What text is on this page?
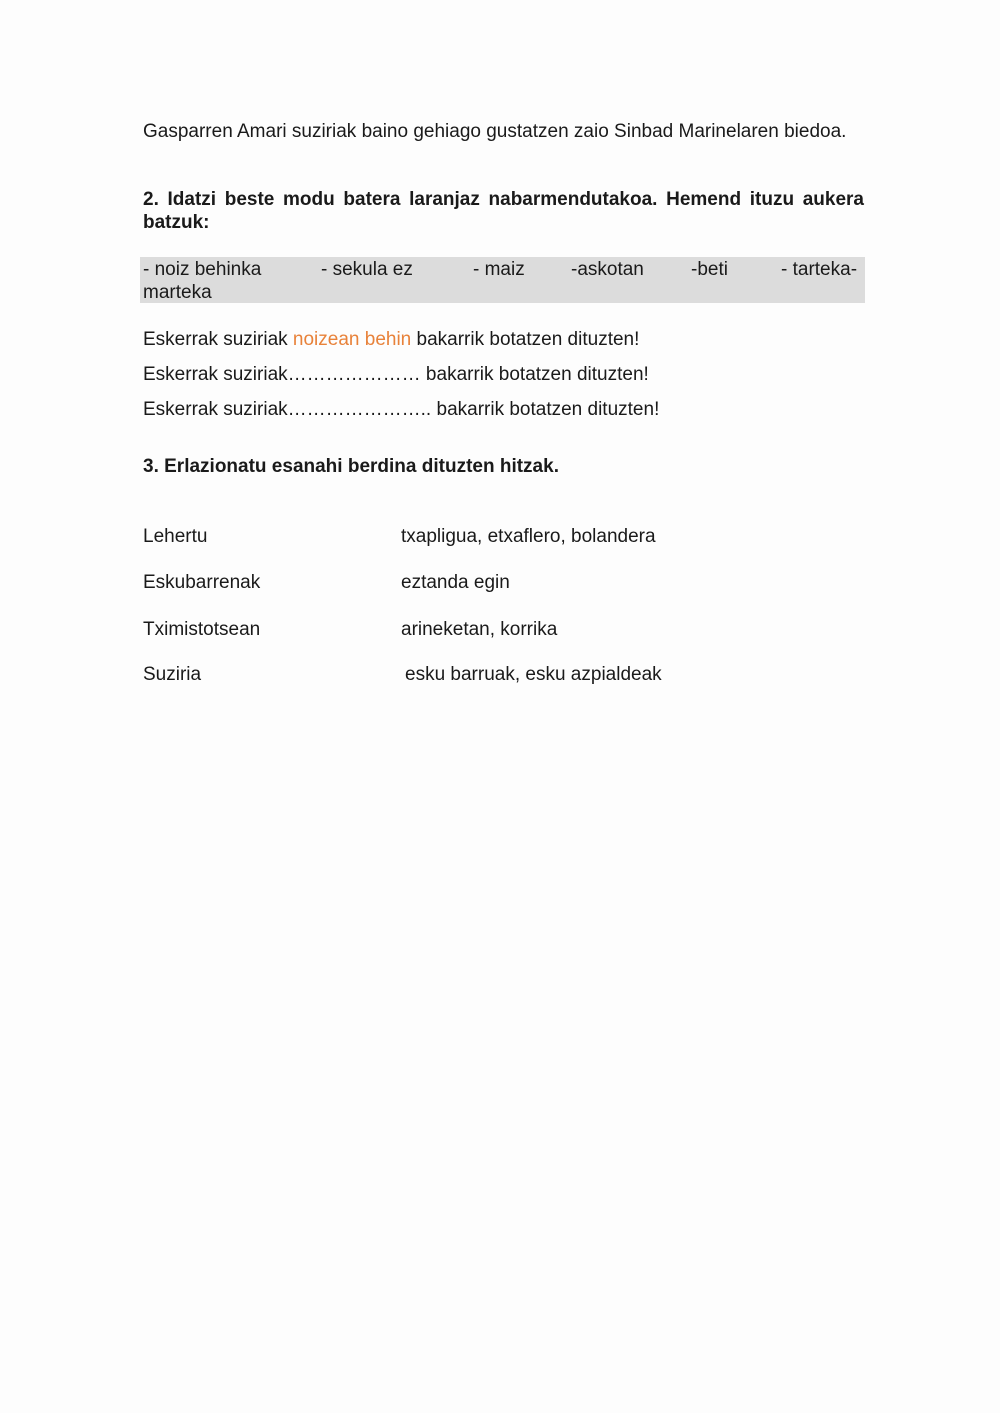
Gasparren Amari suziriak baino gehiago gustatzen zaio Sinbad Marinelaren biedoa.

2. Idatzi beste modu batera laranjaz nabarmendutakoa. Hemend ituzu aukera batzuk:
- noiz behinka	- sekula ez	- maiz -askotan -beti	- tarteka-
marteka
Eskerrak suziriak noizean behin bakarrik botatzen dituzten!
Eskerrak suziriak………………… bakarrik botatzen dituzten!
Eskerrak suziriak………………….. bakarrik botatzen dituzten!
3. Erlazionatu esanahi berdina dituzten hitzak.
Lehertu	txapligua, etxaflero, bolandera
Eskubarrenak	eztanda egin
Tximistotsean	arineketan, korrika
Suziria	esku barruak, esku azpialdeak
